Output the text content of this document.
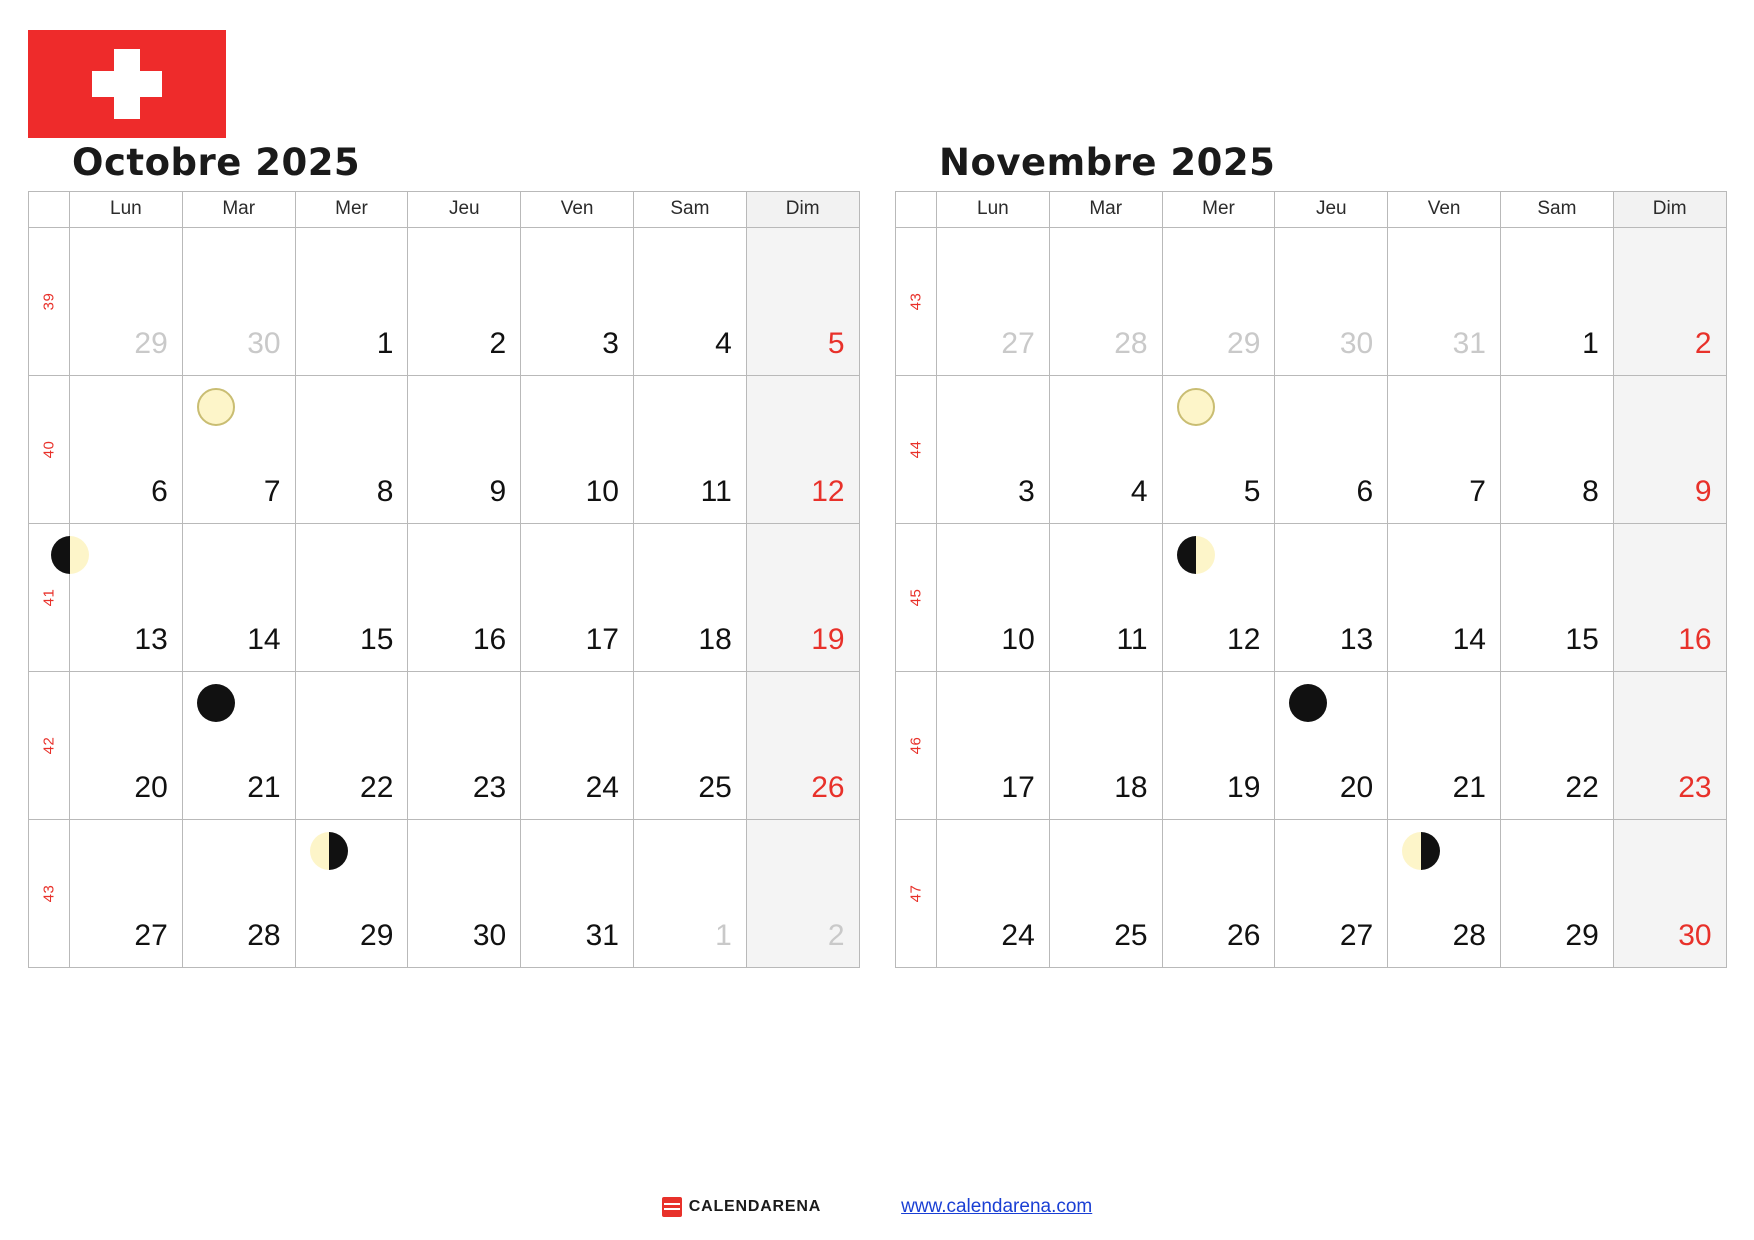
Octobre 2025
	Lun	Mar	Mer	Jeu	Ven	Sam	Dim
39	29	30	1	2	3	4	5

40	6	7	8	9	10	11	12

41	13	14	15	16	17	18	19

42	20	21	22	23	24	25	26

43	27	28	29	30	31	1	2
Novembre 2025
	Lun	Mar	Mer	Jeu	Ven	Sam	Dim
43	27	28	29	30	31	1	2

44	3	4	5	6	7	8	9

45	10	11	12	13	14	15	16

46	17	18	19	20	21	22	23

47	24	25	26	27	28	29	30
CALENDARENA	www.calendarena.com
